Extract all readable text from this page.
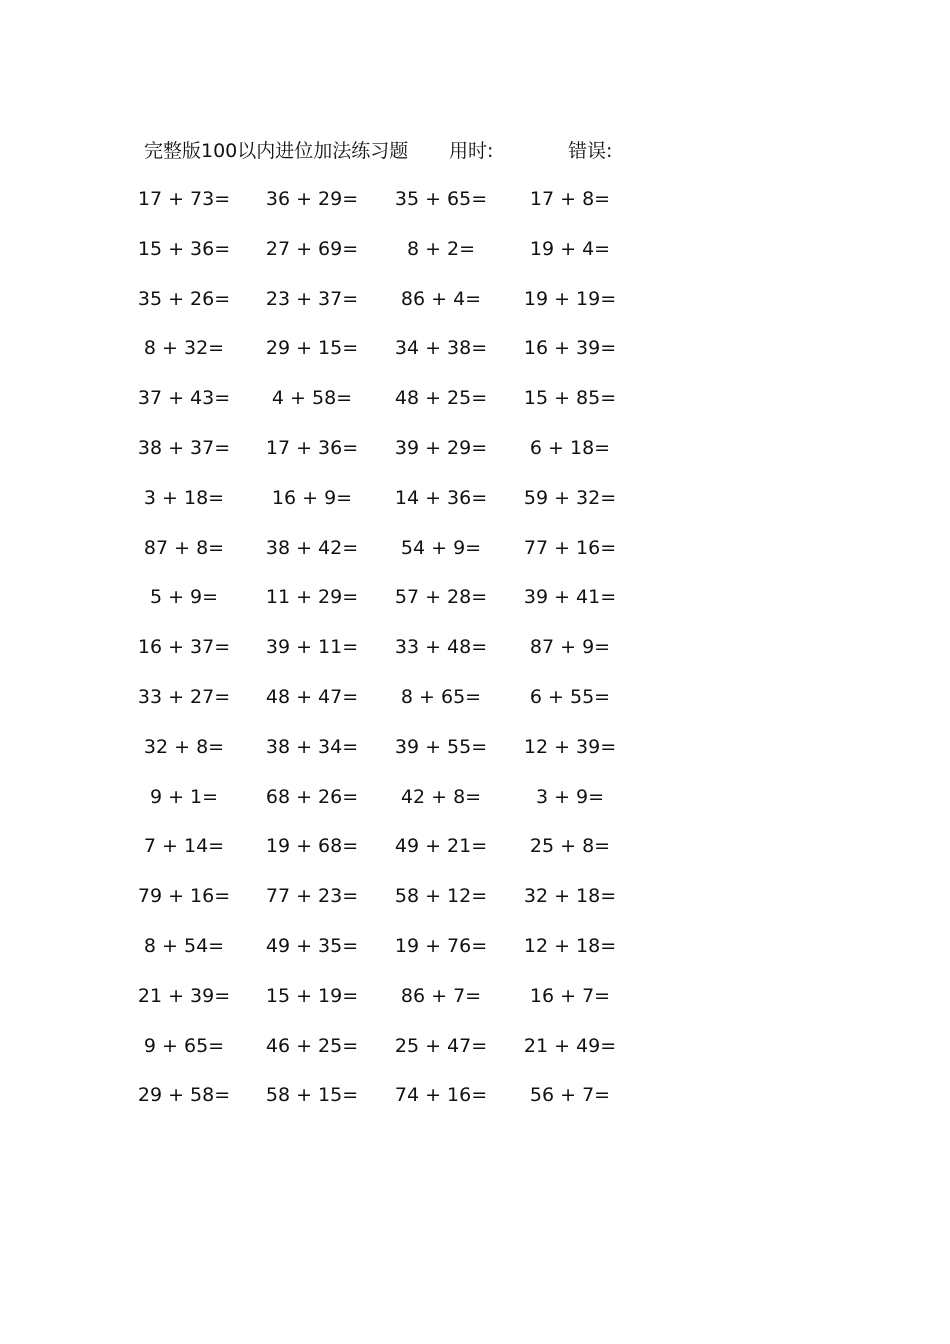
完整版100以内进位加法练习题 用时:	错误:
17 + 73=	36 + 29=	35 + 65=	17 + 8=
15 + 36=	27 + 69=	8 + 2=	19 + 4=
35 + 26=	23 + 37=	86 + 4=	19 + 19=
8 + 32=	29 + 15=	34 + 38=	16 + 39=
37 + 43=	4 + 58=	48 + 25=	15 + 85=
38 + 37=	17 + 36=	39 + 29=	6 + 18=
3 + 18=	16 + 9=	14 + 36=	59 + 32=
87 + 8=	38 + 42=	54 + 9=	77 + 16=
5 + 9=	11 + 29=	57 + 28=	39 + 41=
16 + 37=	39 + 11=	33 + 48=	87 + 9=
33 + 27=	48 + 47=	8 + 65=	6 + 55=
32 + 8=	38 + 34=	39 + 55=	12 + 39=
9 + 1=	68 + 26=	42 + 8=	3 + 9=
7 + 14=	19 + 68=	49 + 21=	25 + 8=
79 + 16=	77 + 23=	58 + 12=	32 + 18=
8 + 54=	49 + 35=	19 + 76=	12 + 18=
21 + 39=	15 + 19=	86 + 7=	16 + 7=
9 + 65=	46 + 25=	25 + 47=	21 + 49=
29 + 58=	58 + 15=	74 + 16=	56 + 7=
